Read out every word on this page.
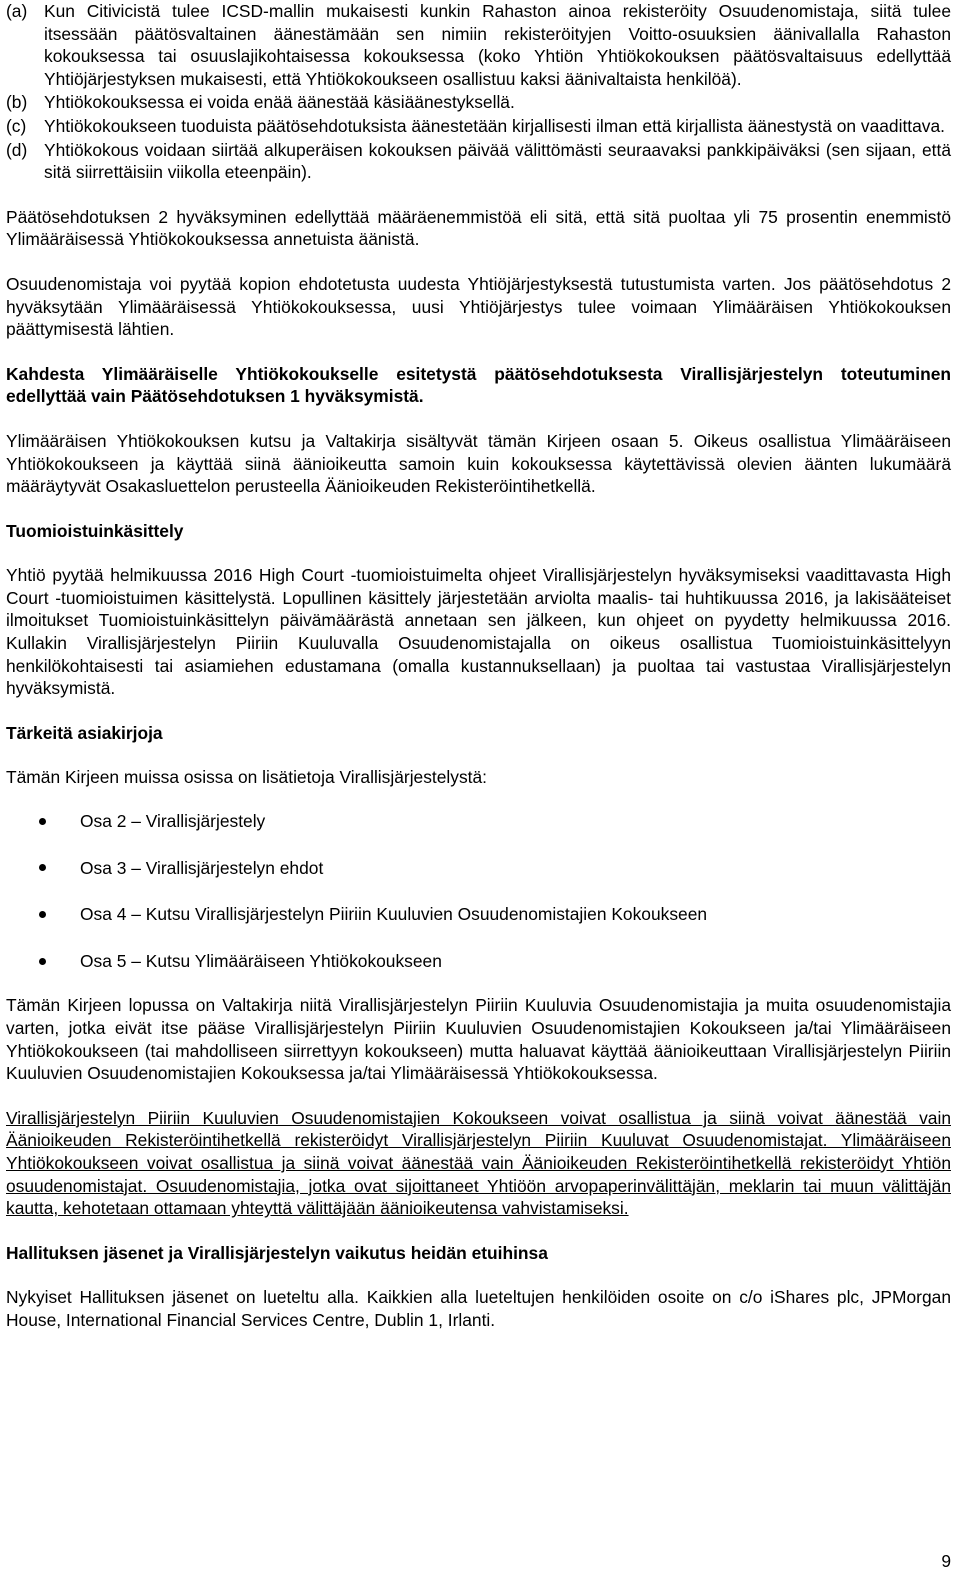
(a) Kun Citivicistä tulee ICSD-mallin mukaisesti kunkin Rahaston ainoa rekisteröity Osuudenomistaja, siitä tulee itsessään päätösvaltainen äänestämään sen nimiin rekisteröityjen Voitto-osuuksien äänivallalla Rahaston kokouksessa tai osuuslajikohtaisessa kokouksessa (koko Yhtiön Yhtiökokouksen päätösvaltaisuus edellyttää Yhtiöjärjestyksen mukaisesti, että Yhtiökokoukseen osallistuu kaksi äänivaltaista henkilöä).
(b) Yhtiökokouksessa ei voida enää äänestää käsiäänestyksellä.
(c)	Yhtiökokoukseen tuoduista päätösehdotuksista äänestetään kirjallisesti ilman että kirjallista äänestystä on vaadittava.
(d) Yhtiökokous voidaan siirtää alkuperäisen kokouksen päivää välittömästi seuraavaksi pankkipäiväksi (sen sijaan, että sitä siirrettäisiin viikolla eteenpäin).

Päätösehdotuksen 2 hyväksyminen edellyttää määräenemmistöä eli sitä, että sitä puoltaa yli 75 prosentin enemmistö Ylimääräisessä Yhtiökokouksessa annetuista äänistä.

Osuudenomistaja voi pyytää kopion ehdotetusta uudesta Yhtiöjärjestyksestä tutustumista varten. Jos päätösehdotus 2 hyväksytään Ylimääräisessä Yhtiökokouksessa, uusi Yhtiöjärjestys tulee voimaan Ylimääräisen Yhtiökokouksen päättymisestä lähtien.

Kahdesta Ylimääräiselle Yhtiökokoukselle esitetystä päätösehdotuksesta Virallisjärjestelyn toteutuminen edellyttää vain Päätösehdotuksen 1 hyväksymistä.

Ylimääräisen Yhtiökokouksen kutsu ja Valtakirja sisältyvät tämän Kirjeen osaan 5. Oikeus osallistua Ylimääräiseen Yhtiökokoukseen ja käyttää siinä äänioikeutta samoin kuin kokouksessa käytettävissä olevien äänten lukumäärä määräytyvät Osakasluettelon perusteella Äänioikeuden Rekisteröintihetkellä.

Tuomioistuinkäsittely

Yhtiö pyytää helmikuussa 2016 High Court -tuomioistuimelta ohjeet Virallisjärjestelyn hyväksymiseksi vaadittavasta High Court -tuomioistuimen käsittelystä. Lopullinen käsittely järjestetään arviolta maalis- tai huhtikuussa 2016, ja lakisääteiset ilmoitukset Tuomioistuinkäsittelyn päivämäärästä annetaan sen jälkeen, kun ohjeet on pyydetty helmikuussa 2016. Kullakin Virallisjärjestelyn Piiriin Kuuluvalla Osuudenomistajalla on oikeus osallistua Tuomioistuinkäsittelyyn henkilökohtaisesti tai asiamiehen edustamana (omalla kustannuksellaan) ja puoltaa tai vastustaa Virallisjärjestelyn hyväksymistä.

Tärkeitä asiakirjoja

Tämän Kirjeen muissa osissa on lisätietoja Virallisjärjestelystä:

Osa 2 – Virallisjärjestely
Osa 3 – Virallisjärjestelyn ehdot
Osa 4 – Kutsu Virallisjärjestelyn Piiriin Kuuluvien Osuudenomistajien Kokoukseen
Osa 5 – Kutsu Ylimääräiseen Yhtiökokoukseen

Tämän Kirjeen lopussa on Valtakirja niitä Virallisjärjestelyn Piiriin Kuuluvia Osuudenomistajia ja muita osuudenomistajia varten, jotka eivät itse pääse Virallisjärjestelyn Piiriin Kuuluvien Osuudenomistajien Kokoukseen ja/tai Ylimääräiseen Yhtiökokoukseen (tai mahdolliseen siirrettyyn kokoukseen) mutta haluavat käyttää äänioikeuttaan Virallisjärjestelyn Piiriin Kuuluvien Osuudenomistajien Kokouksessa ja/tai Ylimääräisessä Yhtiökokouksessa.

Virallisjärjestelyn Piiriin Kuuluvien Osuudenomistajien Kokoukseen voivat osallistua ja siinä voivat äänestää vain Äänioikeuden Rekisteröintihetkellä rekisteröidyt Virallisjärjestelyn Piiriin Kuuluvat Osuudenomistajat. Ylimääräiseen Yhtiökokoukseen voivat osallistua ja siinä voivat äänestää vain Äänioikeuden Rekisteröintihetkellä rekisteröidyt Yhtiön osuudenomistajat. Osuudenomistajia, jotka ovat sijoittaneet Yhtiöön arvopaperinvälittäjän, meklarin tai muun välittäjän kautta, kehotetaan ottamaan yhteyttä välittäjään äänioikeutensa vahvistamiseksi.

Hallituksen jäsenet ja Virallisjärjestelyn vaikutus heidän etuihinsa

Nykyiset Hallituksen jäsenet on lueteltu alla. Kaikkien alla lueteltujen henkilöiden osoite on c/o iShares plc, JPMorgan House, International Financial Services Centre, Dublin 1, Irlanti.

9
